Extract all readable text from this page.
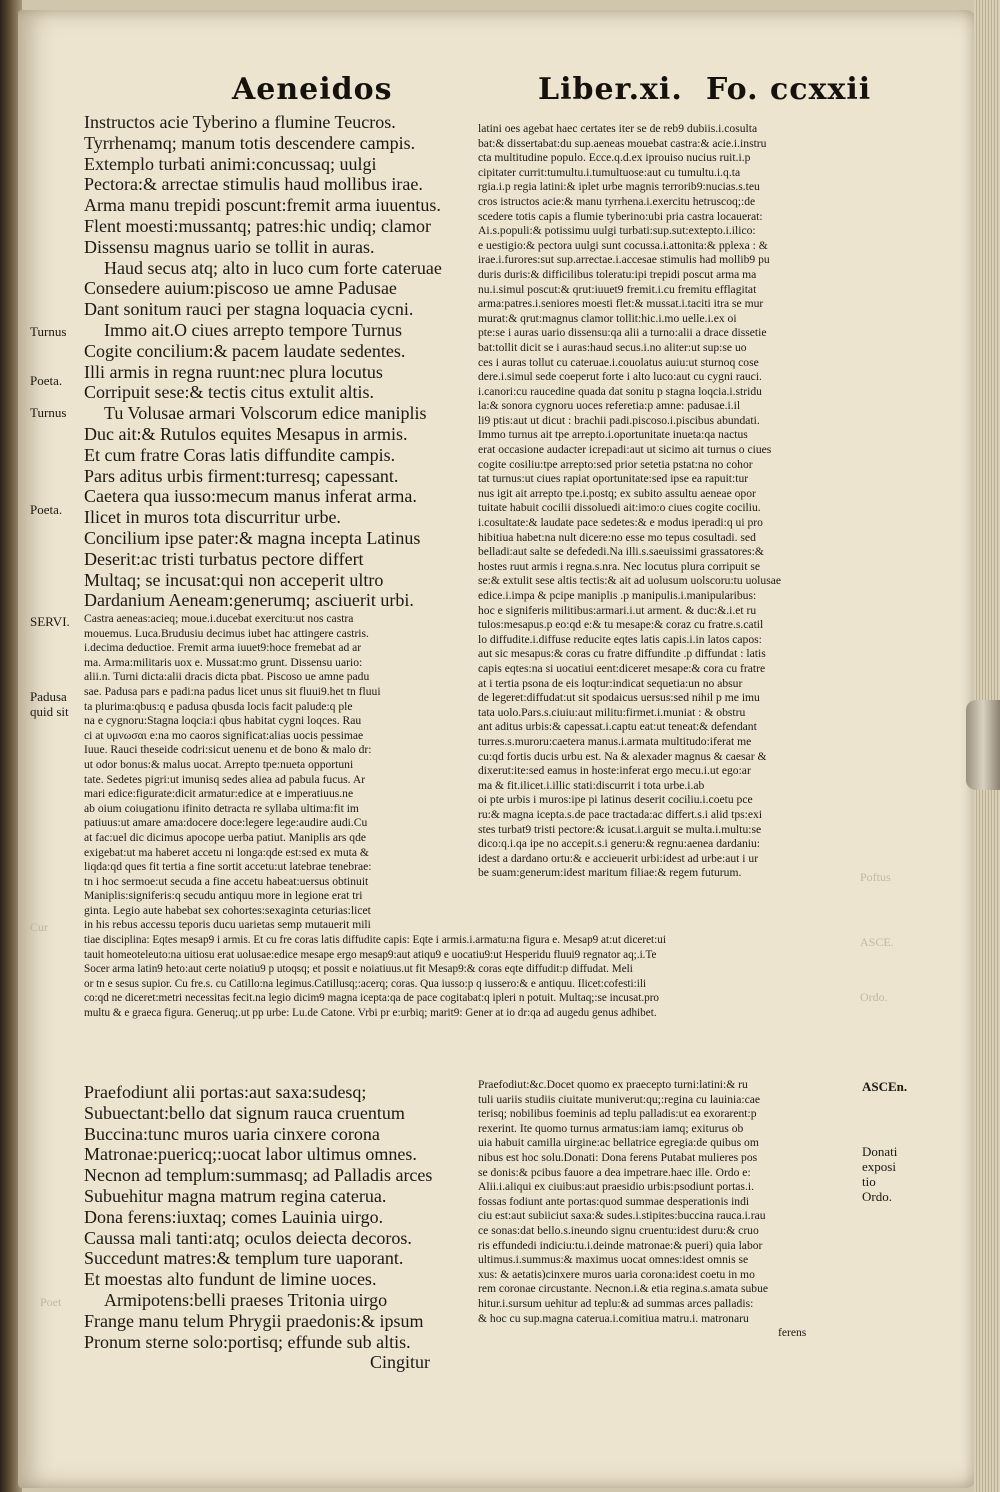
Cur
Poet
Poftus
ASCE.
Ordo.
Aeneidos	Liber.xi. Fo. ccxxii
Instructos acie Tyberino a flumine Teucros.
Tyrrhenamq; manum totis descendere campis.
Extemplo turbati animi:concussaq; uulgi
Pectora:& arrectae stimulis haud mollibus irae.
Arma manu trepidi poscunt:fremit arma iuuentus.
Flent moesti:mussantq; patres:hic undiq; clamor
Dissensu magnus uario se tollit in auras.
Haud secus atq; alto in luco cum forte cateruae
Consedere auium:piscoso ue amne Padusae
Dant sonitum rauci per stagna loquacia cycni.
Immo ait.O ciues arrepto tempore Turnus
Cogite concilium:& pacem laudate sedentes.
Illi armis in regna ruunt:nec plura locutus
Corripuit sese:& tectis citus extulit altis.
Tu Volusae armari Volscorum edice maniplis
Duc ait:& Rutulos equites Mesapus in armis.
Et cum fratre Coras latis diffundite campis.
Pars aditus urbis firment:turresq; capessant.
Caetera qua iusso:mecum manus inferat arma.
Ilicet in muros tota discurritur urbe.
Concilium ipse pater:& magna incepta Latinus
Deserit:ac tristi turbatus pectore differt
Multaq; se incusat:qui non acceperit ultro
Dardanium Aeneam:generumq; asciuerit urbi.
Turnus
Poeta.
Turnus
Poeta.
SERVI.
Padusa
quid sit
Castra aeneas:acieq; moue.i.ducebat exercitu:ut nos castra
mouemus. Luca.Brudusiu decimus iubet hac attingere castris.
i.decima deductioe. Fremit arma iuuet9:hoce fremebat ad ar
ma. Arma:militaris uox e. Mussat:mo grunt. Dissensu uario:
alii.n. Turni dicta:alii dracis dicta pbat. Piscoso ue amne padu
sae. Padusa pars e padi:na padus licet unus sit fluui9.het tn fluui
ta plurima:qbus:q e padusa qbusda locis facit palude:q ple
na e cygnoru:Stagna loqcia:i qbus habitat cygni loqces. Rau
ci at υμνωσαι e:na mo caoros significat:alias uocis pessimae
Iuue. Rauci theseide codri:sicut uenenu et de bono & malo dr:
ut odor bonus:& malus uocat. Arrepto tpe:nueta opportuni
tate. Sedetes pigri:ut imunisq sedes aliea ad pabula fucus. Ar
mari edice:figurate:dicit armatur:edice at e imperatiuus.ne
ab oium coiugationu ifinito detracta re syllaba ultima:fit im
patiuus:ut amare ama:docere doce:legere lege:audire audi.Cu
at fac:uel dic dicimus apocope uerba patiut. Maniplis ars qde
exigebat:ut ma haberet accetu ni longa:qde est:sed ex muta &
liqda:qd ques fit tertia a fine sortit accetu:ut latebrae tenebrae:
tn i hoc sermoe:ut secuda a fine accetu habeat:uersus obtinuit
Maniplis:signiferis:q secudu antiquu more in legione erat tri
ginta. Legio aute habebat sex cohortes:sexaginta ceturias:licet
in his rebus accessu teporis ducu uarietas semp mutauerit mili
tiae disciplina: Eqtes mesap9 i armis. Et cu fre coras latis diffudite capis: Eqte i armis.i.armatu:na figura e. Mesap9 at:ut diceret:ui
tauit homeoteleuto:na uitiosu erat uolusae:edice mesape ergo mesap9:aut atiqu9 e uocatiu9:ut Hesperidu fluui9 regnator aq;.i.Te
Socer arma latin9 heto:aut certe noiatiu9 p utoqsq; et possit e noiatiuus.ut fit Mesap9:& coras eqte diffudit:p diffudat. Meli
or tn e sesus supior. Cu fre.s. cu Catillo:na legimus.Catillusq;:acerq; coras. Qua iusso:p q iussero:& e antiquu. Ilicet:cofesti:ili
co:qd ne diceret:metri necessitas fecit.na legio dicim9 magna icepta:qa de pace cogitabat:q ipleri n potuit. Multaq;:se incusat.pro
multu & e graeca figura. Generuq;.ut pp urbe: Lu.de Catone. Vrbi pr e:urbiq; marit9: Gener at io dr:qa ad augedu genus adhibet.
latini oes agebat haec certates iter se de reb9 dubiis.i.cosulta
bat:& dissertabat:du sup.aeneas mouebat castra:& acie.i.instru
cta multitudine populo. Ecce.q.d.ex iprouiso nucius ruit.i.p
cipitater currit:tumultu.i.tumultuose:aut cu tumultu.i.q.ta
rgia.i.p regia latini:& iplet urbe magnis terrorib9:nucias.s.teu
cros istructos acie:& manu tyrrhena.i.exercitu hetruscoq;:de
scedere totis capis a flumie tyberino:ubi pria castra locauerat:
Ai.s.populi:& potissimu uulgi turbati:sup.sut:extepto.i.ilico:
e uestigio:& pectora uulgi sunt cocussa.i.attonita:& pplexa : &
irae.i.furores:sut sup.arrectae.i.accesae stimulis had mollib9 pu
duris duris:& difficilibus toleratu:ipi trepidi poscut arma ma
nu.i.simul poscut:& qrut:iuuet9 fremit.i.cu fremitu efflagitat
arma:patres.i.seniores moesti flet:& mussat.i.taciti itra se mur
murat:& qrut:magnus clamor tollit:hic.i.mo uelle.i.ex oi
pte:se i auras uario dissensu:qa alii a turno:alii a drace dissetie
bat:tollit dicit se i auras:haud secus.i.no aliter:ut sup:se uo
ces i auras tollut cu cateruae.i.couolatus auiu:ut sturnoq cose
dere.i.simul sede coeperut forte i alto luco:aut cu cygni rauci.
i.canori:cu raucedine quada dat sonitu p stagna loqcia.i.stridu
la:& sonora cygnoru uoces referetia:p amne: padusae.i.il
li9 ptis:aut ut dicut : brachii padi.piscoso.i.piscibus abundati.
Immo turnus ait tpe arrepto.i.oportunitate inueta:qa nactus
erat occasione audacter icrepadi:aut ut sicimo ait turnus o ciues
cogite cosiliu:tpe arrepto:sed prior setetia pstat:na no cohor
tat turnus:ut ciues rapiat oportunitate:sed ipse ea rapuit:tur
nus igit ait arrepto tpe.i.postq; ex subito assultu aeneae opor
tuitate habuit cocilii dissoluedi ait:imo:o ciues cogite cociliu.
i.cosultate:& laudate pace sedetes:& e modus iperadi:q ui pro
hibitiua habet:na nult dicere:no esse mo tepus cosultadi. sed
belladi:aut salte se defededi.Na illi.s.saeuissimi grassatores:&
hostes ruut armis i regna.s.nra. Nec locutus plura corripuit se
se:& extulit sese altis tectis:& ait ad uolusum uolscoru:tu uolusae
edice.i.impa & pcipe maniplis .p manipulis.i.manipularibus:
hoc e signiferis militibus:armari.i.ut arment. & duc:&.i.et ru
tulos:mesapus.p eo:qd e:& tu mesape:& coraz cu fratre.s.catil
lo diffudite.i.diffuse reducite eqtes latis capis.i.in latos capos:
aut sic mesapus:& coras cu fratre diffundite .p diffundat : latis
capis eqtes:na si uocatiui eent:diceret mesape:& cora cu fratre
at i tertia psona de eis loqtur:indicat sequetia:un no absur
de legeret:diffudat:ut sit spodaicus uersus:sed nihil p me imu
tata uolo.Pars.s.ciuiu:aut militu:firmet.i.muniat : & obstru
ant aditus urbis:& capessat.i.captu eat:ut teneat:& defendant
turres.s.muroru:caetera manus.i.armata multitudo:iferat me
cu:qd fortis ducis urbu est. Na & alexader magnus & caesar &
dixerut:ite:sed eamus in hoste:inferat ergo mecu.i.ut ego:ar
ma & fit.ilicet.i.illic stati:discurrit i tota urbe.i.ab
oi pte urbis i muros:ipe pi latinus deserit cociliu.i.coetu pce
ru:& magna icepta.s.de pace tractada:ac differt.s.i alid tps:exi
stes turbat9 tristi pectore:& icusat.i.arguit se multa.i.multu:se
dico:q.i.qa ipe no accepit.s.i generu:& regnu:aenea dardaniu:
idest a dardano ortu:& e accieuerit urbi:idest ad urbe:aut i ur
be suam:generum:idest maritum filiae:& regem futurum.
Praefodiunt alii portas:aut saxa:sudesq;
Subuectant:bello dat signum rauca cruentum
Buccina:tunc muros uaria cinxere corona
Matronae:puericq;:uocat labor ultimus omnes.
Necnon ad templum:summasq; ad Palladis arces
Subuehitur magna matrum regina caterua.
Dona ferens:iuxtaq; comes Lauinia uirgo.
Caussa mali tanti:atq; oculos deiecta decoros.
Succedunt matres:& templum ture uaporant.
Et moestas alto fundunt de limine uoces.
Armipotens:belli praeses Tritonia uirgo
Frange manu telum Phrygii praedonis:& ipsum
Pronum sterne solo:portisq; effunde sub altis.
Cingitur
Praefodiut:&c.Docet quomo ex praecepto turni:latini:& ru
tuli uariis studiis ciuitate muniverut:qu;:regina cu lauinia:cae
terisq; nobilibus foeminis ad teplu palladis:ut ea exorarent:p
rexerint. Ite quomo turnus armatus:iam iamq; exiturus ob
uia habuit camilla uirgine:ac bellatrice egregia:de quibus om
nibus est hoc solu.Donati: Dona ferens Putabat mulieres pos
se donis:& pcibus fauore a dea impetrare.haec ille. Ordo e:
Alii.i.aliqui ex ciuibus:aut praesidio urbis:psodiunt portas.i.
fossas fodiunt ante portas:quod summae desperationis indi
ciu est:aut subiiciut saxa:& sudes.i.stipites:buccina rauca.i.rau
ce sonas:dat bello.s.ineundo signu cruentu:idest duru:& cruo
ris effundedi indiciu:tu.i.deinde matronae:& pueri) quia labor
ultimus.i.summus:& maximus uocat omnes:idest omnis se
xus: & aetatis)cinxere muros uaria corona:idest coetu in mo
rem coronae circustante. Necnon.i.& etia regina.s.amata subue
hitur.i.sursum uehitur ad teplu:& ad summas arces palladis:
& hoc cu sup.magna caterua.i.comitiua matru.i. matronaru
ferens
ASCEn.
Donati
exposi
tio
Ordo.
